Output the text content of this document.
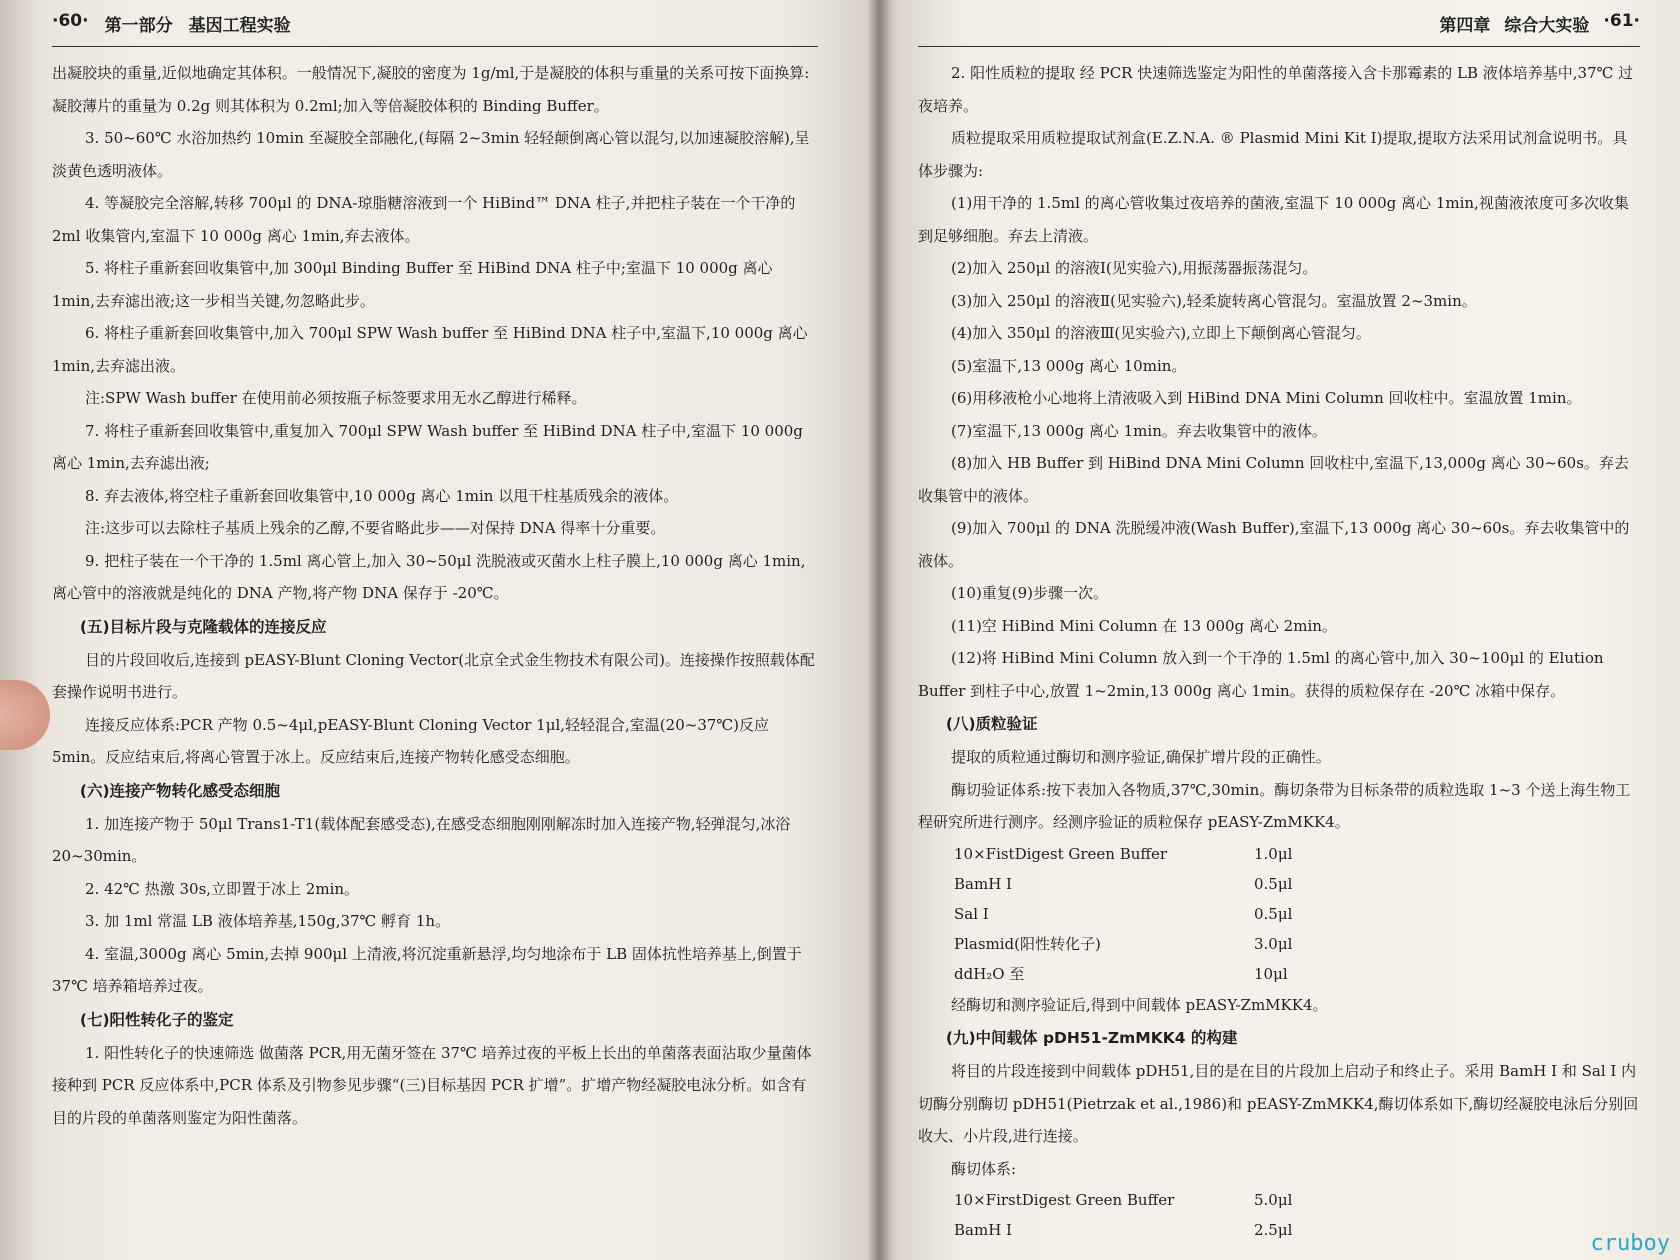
·60· 第一部分 基因工程实验

出凝胶块的重量,近似地确定其体积。一般情况下,凝胶的密度为 1g/ml,于是凝胶的体积与重量的关系可按下面换算:凝胶薄片的重量为 0.2g 则其体积为 0.2ml;加入等倍凝胶体积的 Binding Buffer。

3. 50~60℃ 水浴加热约 10min 至凝胶全部融化,(每隔 2~3min 轻轻颠倒离心管以混匀,以加速凝胶溶解),呈淡黄色透明液体。

4. 等凝胶完全溶解,转移 700μl 的 DNA-琼脂糖溶液到一个 HiBind™ DNA 柱子,并把柱子装在一个干净的 2ml 收集管内,室温下 10 000g 离心 1min,弃去液体。

5. 将柱子重新套回收集管中,加 300μl Binding Buffer 至 HiBind DNA 柱子中;室温下 10 000g 离心 1min,去弃滤出液;这一步相当关键,勿忽略此步。

6. 将柱子重新套回收集管中,加入 700μl SPW Wash buffer 至 HiBind DNA 柱子中,室温下,10 000g 离心 1min,去弃滤出液。

注:SPW Wash buffer 在使用前必须按瓶子标签要求用无水乙醇进行稀释。

7. 将柱子重新套回收集管中,重复加入 700μl SPW Wash buffer 至 HiBind DNA 柱子中,室温下 10 000g 离心 1min,去弃滤出液;

8. 弃去液体,将空柱子重新套回收集管中,10 000g 离心 1min 以甩干柱基质残余的液体。

注:这步可以去除柱子基质上残余的乙醇,不要省略此步——对保持 DNA 得率十分重要。

9. 把柱子装在一个干净的 1.5ml 离心管上,加入 30~50μl 洗脱液或灭菌水上柱子膜上,10 000g 离心 1min,离心管中的溶液就是纯化的 DNA 产物,将产物 DNA 保存于 -20℃。

(五)目标片段与克隆载体的连接反应

目的片段回收后,连接到 pEASY-Blunt Cloning Vector(北京全式金生物技术有限公司)。连接操作按照载体配套操作说明书进行。

连接反应体系:PCR 产物 0.5~4μl,pEASY-Blunt Cloning Vector 1μl,轻轻混合,室温(20~37℃)反应 5min。反应结束后,将离心管置于冰上。反应结束后,连接产物转化感受态细胞。

(六)连接产物转化感受态细胞

1. 加连接产物于 50μl Trans1-T1(载体配套感受态),在感受态细胞刚刚解冻时加入连接产物,轻弹混匀,冰浴 20~30min。

2. 42℃ 热激 30s,立即置于冰上 2min。

3. 加 1ml 常温 LB 液体培养基,150g,37℃ 孵育 1h。

4. 室温,3000g 离心 5min,去掉 900μl 上清液,将沉淀重新悬浮,均匀地涂布于 LB 固体抗性培养基上,倒置于 37℃ 培养箱培养过夜。

(七)阳性转化子的鉴定

1. 阳性转化子的快速筛选 做菌落 PCR,用无菌牙签在 37℃ 培养过夜的平板上长出的单菌落表面沾取少量菌体接种到 PCR 反应体系中,PCR 体系及引物参见步骤“(三)目标基因 PCR 扩增”。扩增产物经凝胶电泳分析。如含有目的片段的单菌落则鉴定为阳性菌落。

第四章 综合大实验 ·61·

2. 阳性质粒的提取 经 PCR 快速筛选鉴定为阳性的单菌落接入含卡那霉素的 LB 液体培养基中,37℃ 过夜培养。

质粒提取采用质粒提取试剂盒(E.Z.N.A. ® Plasmid Mini Kit I)提取,提取方法采用试剂盒说明书。具体步骤为:

(1)用干净的 1.5ml 的离心管收集过夜培养的菌液,室温下 10 000g 离心 1min,视菌液浓度可多次收集到足够细胞。弃去上清液。

(2)加入 250μl 的溶液Ⅰ(见实验六),用振荡器振荡混匀。

(3)加入 250μl 的溶液Ⅱ(见实验六),轻柔旋转离心管混匀。室温放置 2~3min。

(4)加入 350μl 的溶液Ⅲ(见实验六),立即上下颠倒离心管混匀。

(5)室温下,13 000g 离心 10min。

(6)用移液枪小心地将上清液吸入到 HiBind DNA Mini Column 回收柱中。室温放置 1min。

(7)室温下,13 000g 离心 1min。弃去收集管中的液体。

(8)加入 HB Buffer 到 HiBind DNA Mini Column 回收柱中,室温下,13,000g 离心 30~60s。弃去收集管中的液体。

(9)加入 700μl 的 DNA 洗脱缓冲液(Wash Buffer),室温下,13 000g 离心 30~60s。弃去收集管中的液体。

(10)重复(9)步骤一次。

(11)空 HiBind Mini Column 在 13 000g 离心 2min。

(12)将 HiBind Mini Column 放入到一个干净的 1.5ml 的离心管中,加入 30~100μl 的 Elution Buffer 到柱子中心,放置 1~2min,13 000g 离心 1min。获得的质粒保存在 -20℃ 冰箱中保存。

(八)质粒验证

提取的质粒通过酶切和测序验证,确保扩增片段的正确性。

酶切验证体系:按下表加入各物质,37℃,30min。酶切条带为目标条带的质粒选取 1~3 个送上海生物工程研究所进行测序。经测序验证的质粒保存 pEASY-ZmMKK4。

10×FistDigest Green Buffer	1.0μl
BamH Ⅰ	0.5μl
Sal Ⅰ	0.5μl
Plasmid(阳性转化子)	3.0μl
ddH₂O 至	10μl

经酶切和测序验证后,得到中间载体 pEASY-ZmMKK4。

(九)中间载体 pDH51-ZmMKK4 的构建

将目的片段连接到中间载体 pDH51,目的是在目的片段加上启动子和终止子。采用 BamH Ⅰ 和 Sal Ⅰ 内切酶分别酶切 pDH51(Pietrzak et al.,1986)和 pEASY-ZmMKK4,酶切体系如下,酶切经凝胶电泳后分别回收大、小片段,进行连接。

酶切体系:

10×FirstDigest Green Buffer	5.0μl
BamH Ⅰ	2.5μl
cruboy
